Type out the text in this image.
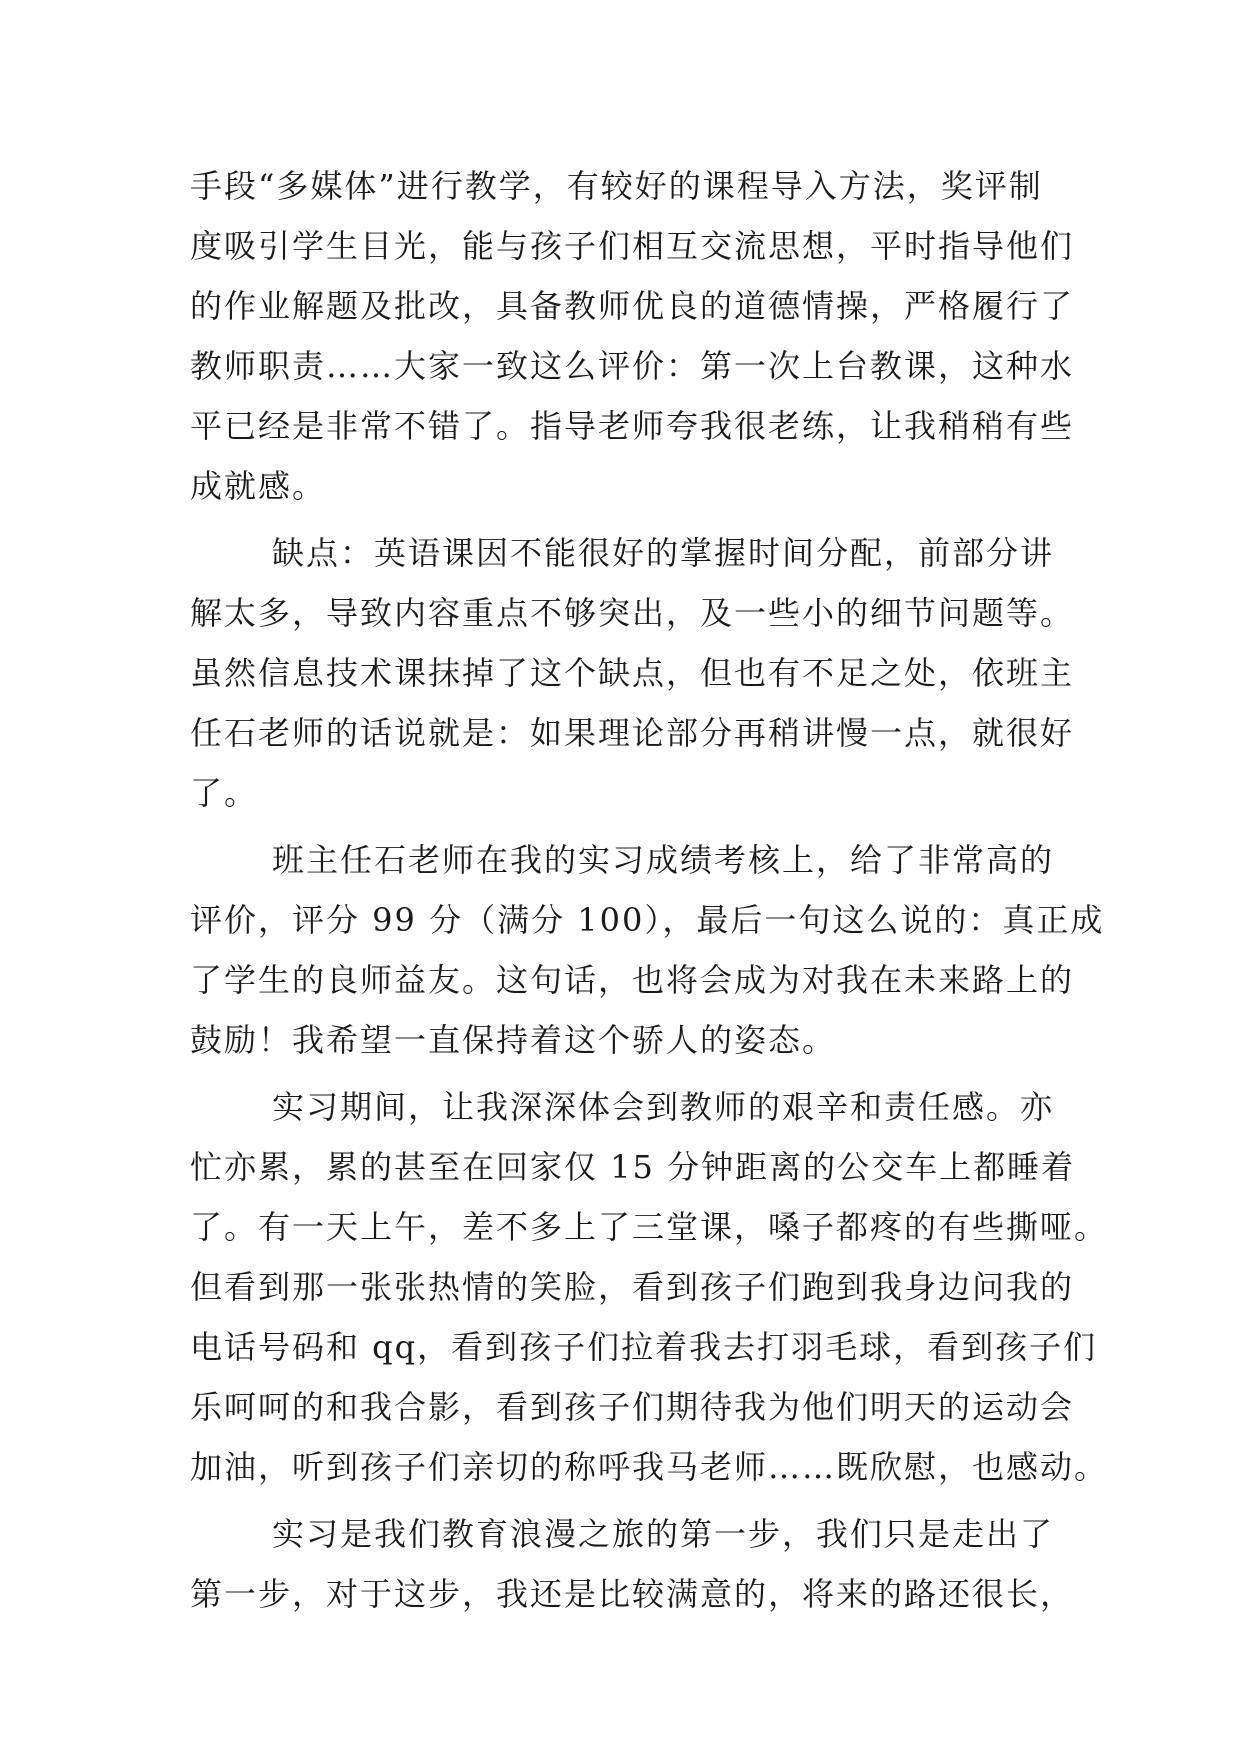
手段“多媒体”进行教学，有较好的课程导入方法，奖评制
度吸引学生目光，能与孩子们相互交流思想，平时指导他们
的作业解题及批改，具备教师优良的道德情操，严格履行了
教师职责……大家一致这么评价：第一次上台教课，这种水
平已经是非常不错了。指导老师夸我很老练，让我稍稍有些
成就感。
缺点：英语课因不能很好的掌握时间分配，前部分讲
解太多，导致内容重点不够突出，及一些小的细节问题等。
虽然信息技术课抹掉了这个缺点，但也有不足之处，依班主
任石老师的话说就是：如果理论部分再稍讲慢一点，就很好
了。
班主任石老师在我的实习成绩考核上，给了非常高的
评价，评分 99 分（满分 100），最后一句这么说的：真正成
了学生的良师益友。这句话，也将会成为对我在未来路上的
鼓励！我希望一直保持着这个骄人的姿态。
实习期间，让我深深体会到教师的艰辛和责任感。亦
忙亦累，累的甚至在回家仅 15 分钟距离的公交车上都睡着
了。有一天上午，差不多上了三堂课，嗓子都疼的有些撕哑。
但看到那一张张热情的笑脸，看到孩子们跑到我身边问我的
电话号码和 qq，看到孩子们拉着我去打羽毛球，看到孩子们
乐呵呵的和我合影，看到孩子们期待我为他们明天的运动会
加油，听到孩子们亲切的称呼我马老师……既欣慰，也感动。
实习是我们教育浪漫之旅的第一步，我们只是走出了
第一步，对于这步，我还是比较满意的，将来的路还很长，
